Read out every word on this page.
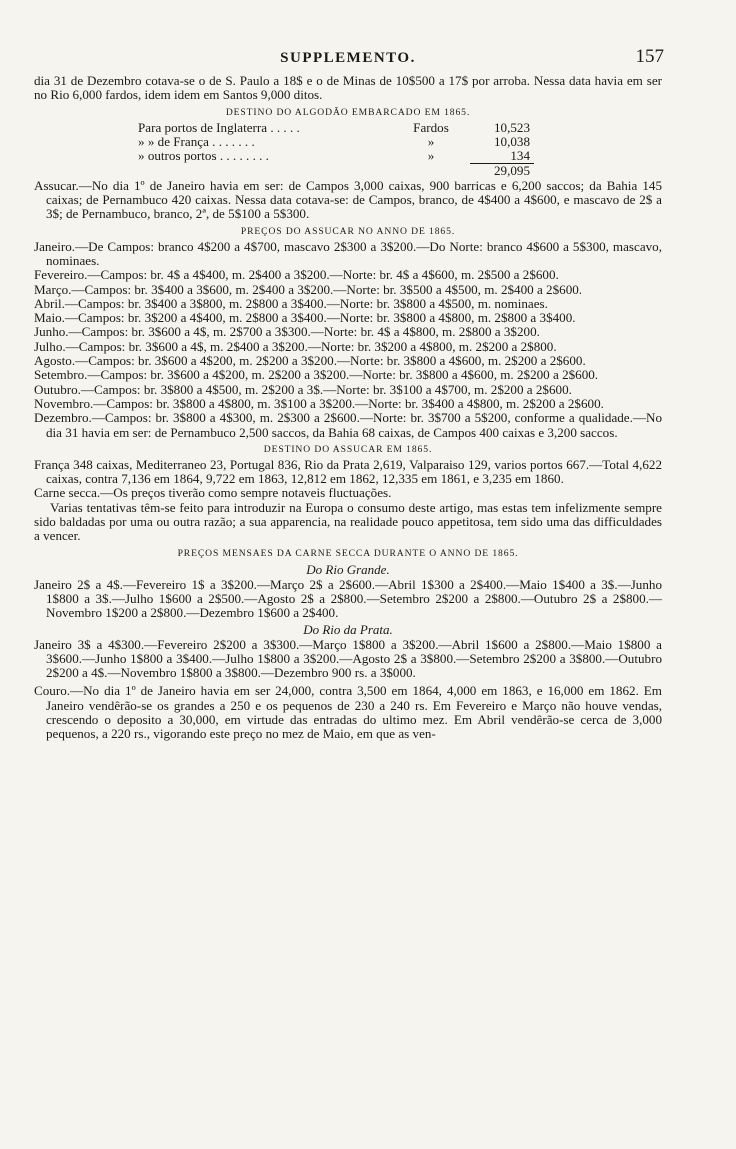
SUPPLEMENTO.	157

dia 31 de Dezembro cotava-se o de S. Paulo a 18$ e o de Minas de 10$500 a 17$ por arroba. Nessa data havia em ser no Rio 6,000 fardos, idem idem em Santos 9,000 ditos.

DESTINO DO ALGODÃO EMBARCADO EM 1865.
Para portos de Inglaterra . . . . .	Fardos	10,523
» » de França . . . . . . .	»	10,038
» outros portos . . . . . . . .	»	134
		29,095

Assucar.—No dia 1º de Janeiro havia em ser: de Campos 3,000 caixas, 900 barricas e 6,200 saccos; da Bahia 145 caixas; de Pernambuco 420 caixas. Nessa data cotava-se: de Campos, branco, de 4$400 a 4$600, e mascavo de 2$ a 3$; de Pernambuco, branco, 2ª, de 5$100 a 5$300.

PREÇOS DO ASSUCAR NO ANNO DE 1865.

Janeiro.—De Campos: branco 4$200 a 4$700, mascavo 2$300 a 3$200.—Do Norte: branco 4$600 a 5$300, mascavo, nominaes.

Fevereiro.—Campos: br. 4$ a 4$400, m. 2$400 a 3$200.—Norte: br. 4$ a 4$600, m. 2$500 a 2$600.

Março.—Campos: br. 3$400 a 3$600, m. 2$400 a 3$200.—Norte: br. 3$500 a 4$500, m. 2$400 a 2$600.

Abril.—Campos: br. 3$400 a 3$800, m. 2$800 a 3$400.—Norte: br. 3$800 a 4$500, m. nominaes.

Maio.—Campos: br. 3$200 a 4$400, m. 2$800 a 3$400.—Norte: br. 3$800 a 4$800, m. 2$800 a 3$400.

Junho.—Campos: br. 3$600 a 4$, m. 2$700 a 3$300.—Norte: br. 4$ a 4$800, m. 2$800 a 3$200.

Julho.—Campos: br. 3$600 a 4$, m. 2$400 a 3$200.—Norte: br. 3$200 a 4$800, m. 2$200 a 2$800.

Agosto.—Campos: br. 3$600 a 4$200, m. 2$200 a 3$200.—Norte: br. 3$800 a 4$600, m. 2$200 a 2$600.

Setembro.—Campos: br. 3$600 a 4$200, m. 2$200 a 3$200.—Norte: br. 3$800 a 4$600, m. 2$200 a 2$600.

Outubro.—Campos: br. 3$800 a 4$500, m. 2$200 a 3$.—Norte: br. 3$100 a 4$700, m. 2$200 a 2$600.

Novembro.—Campos: br. 3$800 a 4$800, m. 3$100 a 3$200.—Norte: br. 3$400 a 4$800, m. 2$200 a 2$600.

Dezembro.—Campos: br. 3$800 a 4$300, m. 2$300 a 2$600.—Norte: br. 3$700 a 5$200, conforme a qualidade.—No dia 31 havia em ser: de Pernambuco 2,500 saccos, da Bahia 68 caixas, de Campos 400 caixas e 3,200 saccos.

DESTINO DO ASSUCAR EM 1865.

França 348 caixas, Mediterraneo 23, Portugal 836, Rio da Prata 2,619, Valparaiso 129, varios portos 667.—Total 4,622 caixas, contra 7,136 em 1864, 9,722 em 1863, 12,812 em 1862, 12,335 em 1861, e 3,235 em 1860.

Carne secca.—Os preços tiverão como sempre notaveis fluctuações.

Varias tentativas têm-se feito para introduzir na Europa o consumo deste artigo, mas estas tem infelizmente sempre sido baldadas por uma ou outra razão; a sua apparencia, na realidade pouco appetitosa, tem sido uma das difficuldades a vencer.

PREÇOS MENSAES DA CARNE SECCA DURANTE O ANNO DE 1865.
Do Rio Grande.

Janeiro 2$ a 4$.—Fevereiro 1$ a 3$200.—Março 2$ a 2$600.—Abril 1$300 a 2$400.—Maio 1$400 a 3$.—Junho 1$800 a 3$.—Julho 1$600 a 2$500.—Agosto 2$ a 2$800.—Setembro 2$200 a 2$800.—Outubro 2$ a 2$800.—Novembro 1$200 a 2$800.—Dezembro 1$600 a 2$400.

Do Rio da Prata.

Janeiro 3$ a 4$300.—Fevereiro 2$200 a 3$300.—Março 1$800 a 3$200.—Abril 1$600 a 2$800.—Maio 1$800 a 3$600.—Junho 1$800 a 3$400.—Julho 1$800 a 3$200.—Agosto 2$ a 3$800.—Setembro 2$200 a 3$800.—Outubro 2$200 a 4$.—Novembro 1$800 a 3$800.—Dezembro 900 rs. a 3$000.

Couro.—No dia 1º de Janeiro havia em ser 24,000, contra 3,500 em 1864, 4,000 em 1863, e 16,000 em 1862. Em Janeiro vendêrão-se os grandes a 250 e os pequenos de 230 a 240 rs. Em Fevereiro e Março não houve vendas, crescendo o deposito a 30,000, em virtude das entradas do ultimo mez. Em Abril vendêrão-se cerca de 3,000 pequenos, a 220 rs., vigorando este preço no mez de Maio, em que as ven-
